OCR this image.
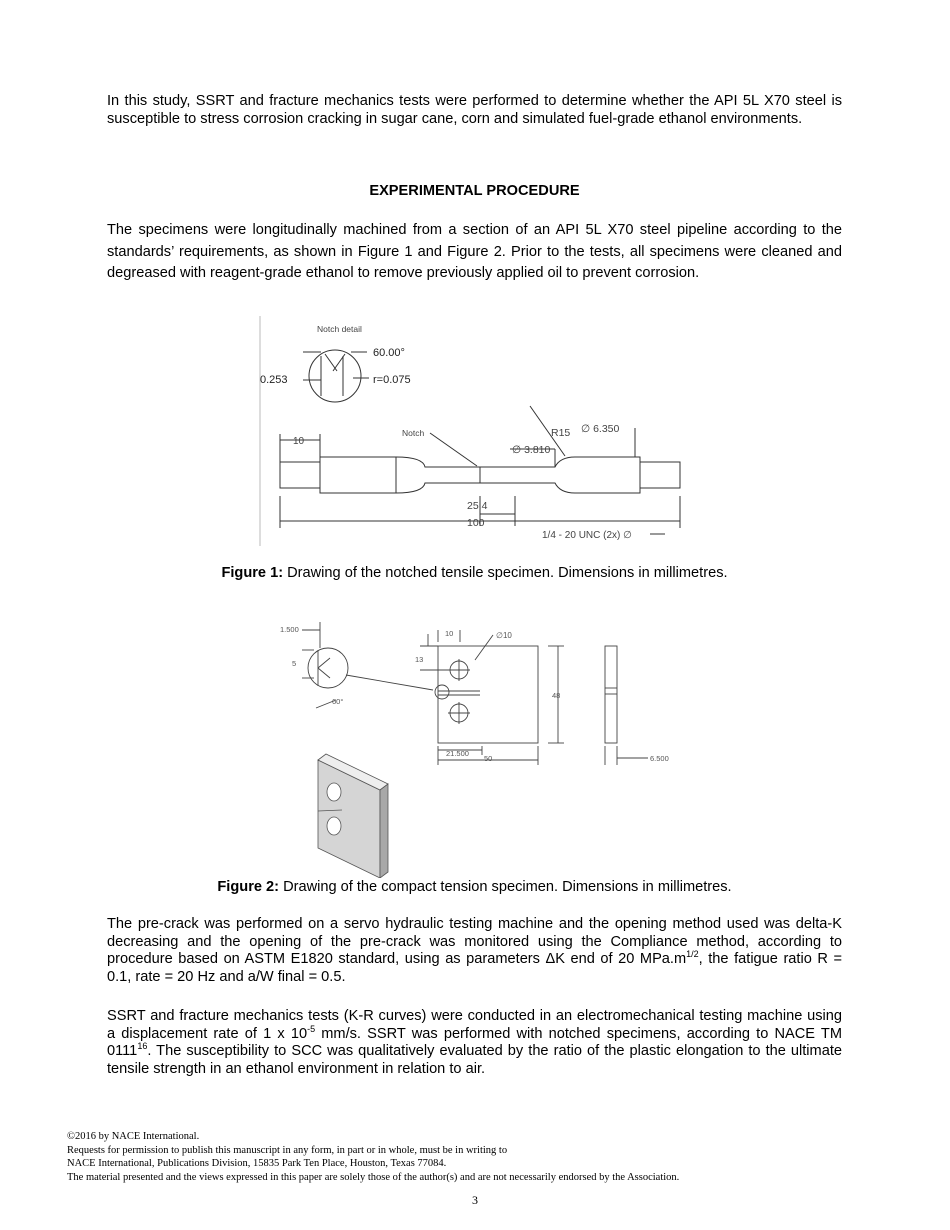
In this study, SSRT and fracture mechanics tests were performed to determine whether the API 5L X70 steel is susceptible to stress corrosion cracking in sugar cane, corn and simulated fuel-grade ethanol environments.

EXPERIMENTAL PROCEDURE

The specimens were longitudinally machined from a section of an API 5L X70 steel pipeline according to the standards’ requirements, as shown in Figure 1 and Figure 2. Prior to the tests, all specimens were cleaned and degreased with reagent-grade ethanol to remove previously applied oil to prevent corrosion.

Notch detail
60.00°
0.253	r=0.075
Notch
10
R15 ∅ 6.350
∅ 3.810
25.4
100
1/4 - 20 UNC (2x) ∅

Figure 1: Drawing of the notched tensile specimen. Dimensions in millimetres.

1.500
5
60°
10	∅10
13
48
21.500
50	6.500

Figure 2: Drawing of the compact tension specimen. Dimensions in millimetres.

The pre-crack was performed on a servo hydraulic testing machine and the opening method used was delta-K decreasing and the opening of the pre-crack was monitored using the Compliance method, according to procedure based on ASTM E1820 standard, using as parameters ΔK end of 20 $MPa.m^{1/2}$, the fatigue ratio R = 0.1, rate = 20 Hz and a/W final = 0.5.

SSRT and fracture mechanics tests (K-R curves) were conducted in an electromechanical testing machine using a displacement rate of 1 x $10^{-5}$ mm/s. SSRT was performed with notched specimens, according to NACE TM 0111$^{16}$. The susceptibility to SCC was qualitatively evaluated by the ratio of the plastic elongation to the ultimate tensile strength in an ethanol environment in relation to air.

©2016 by NACE International.
Requests for permission to publish this manuscript in any form, in part or in whole, must be in writing to
NACE International, Publications Division, 15835 Park Ten Place, Houston, Texas 77084.
The material presented and the views expressed in this paper are solely those of the author(s) and are not necessarily endorsed by the Association.
3
